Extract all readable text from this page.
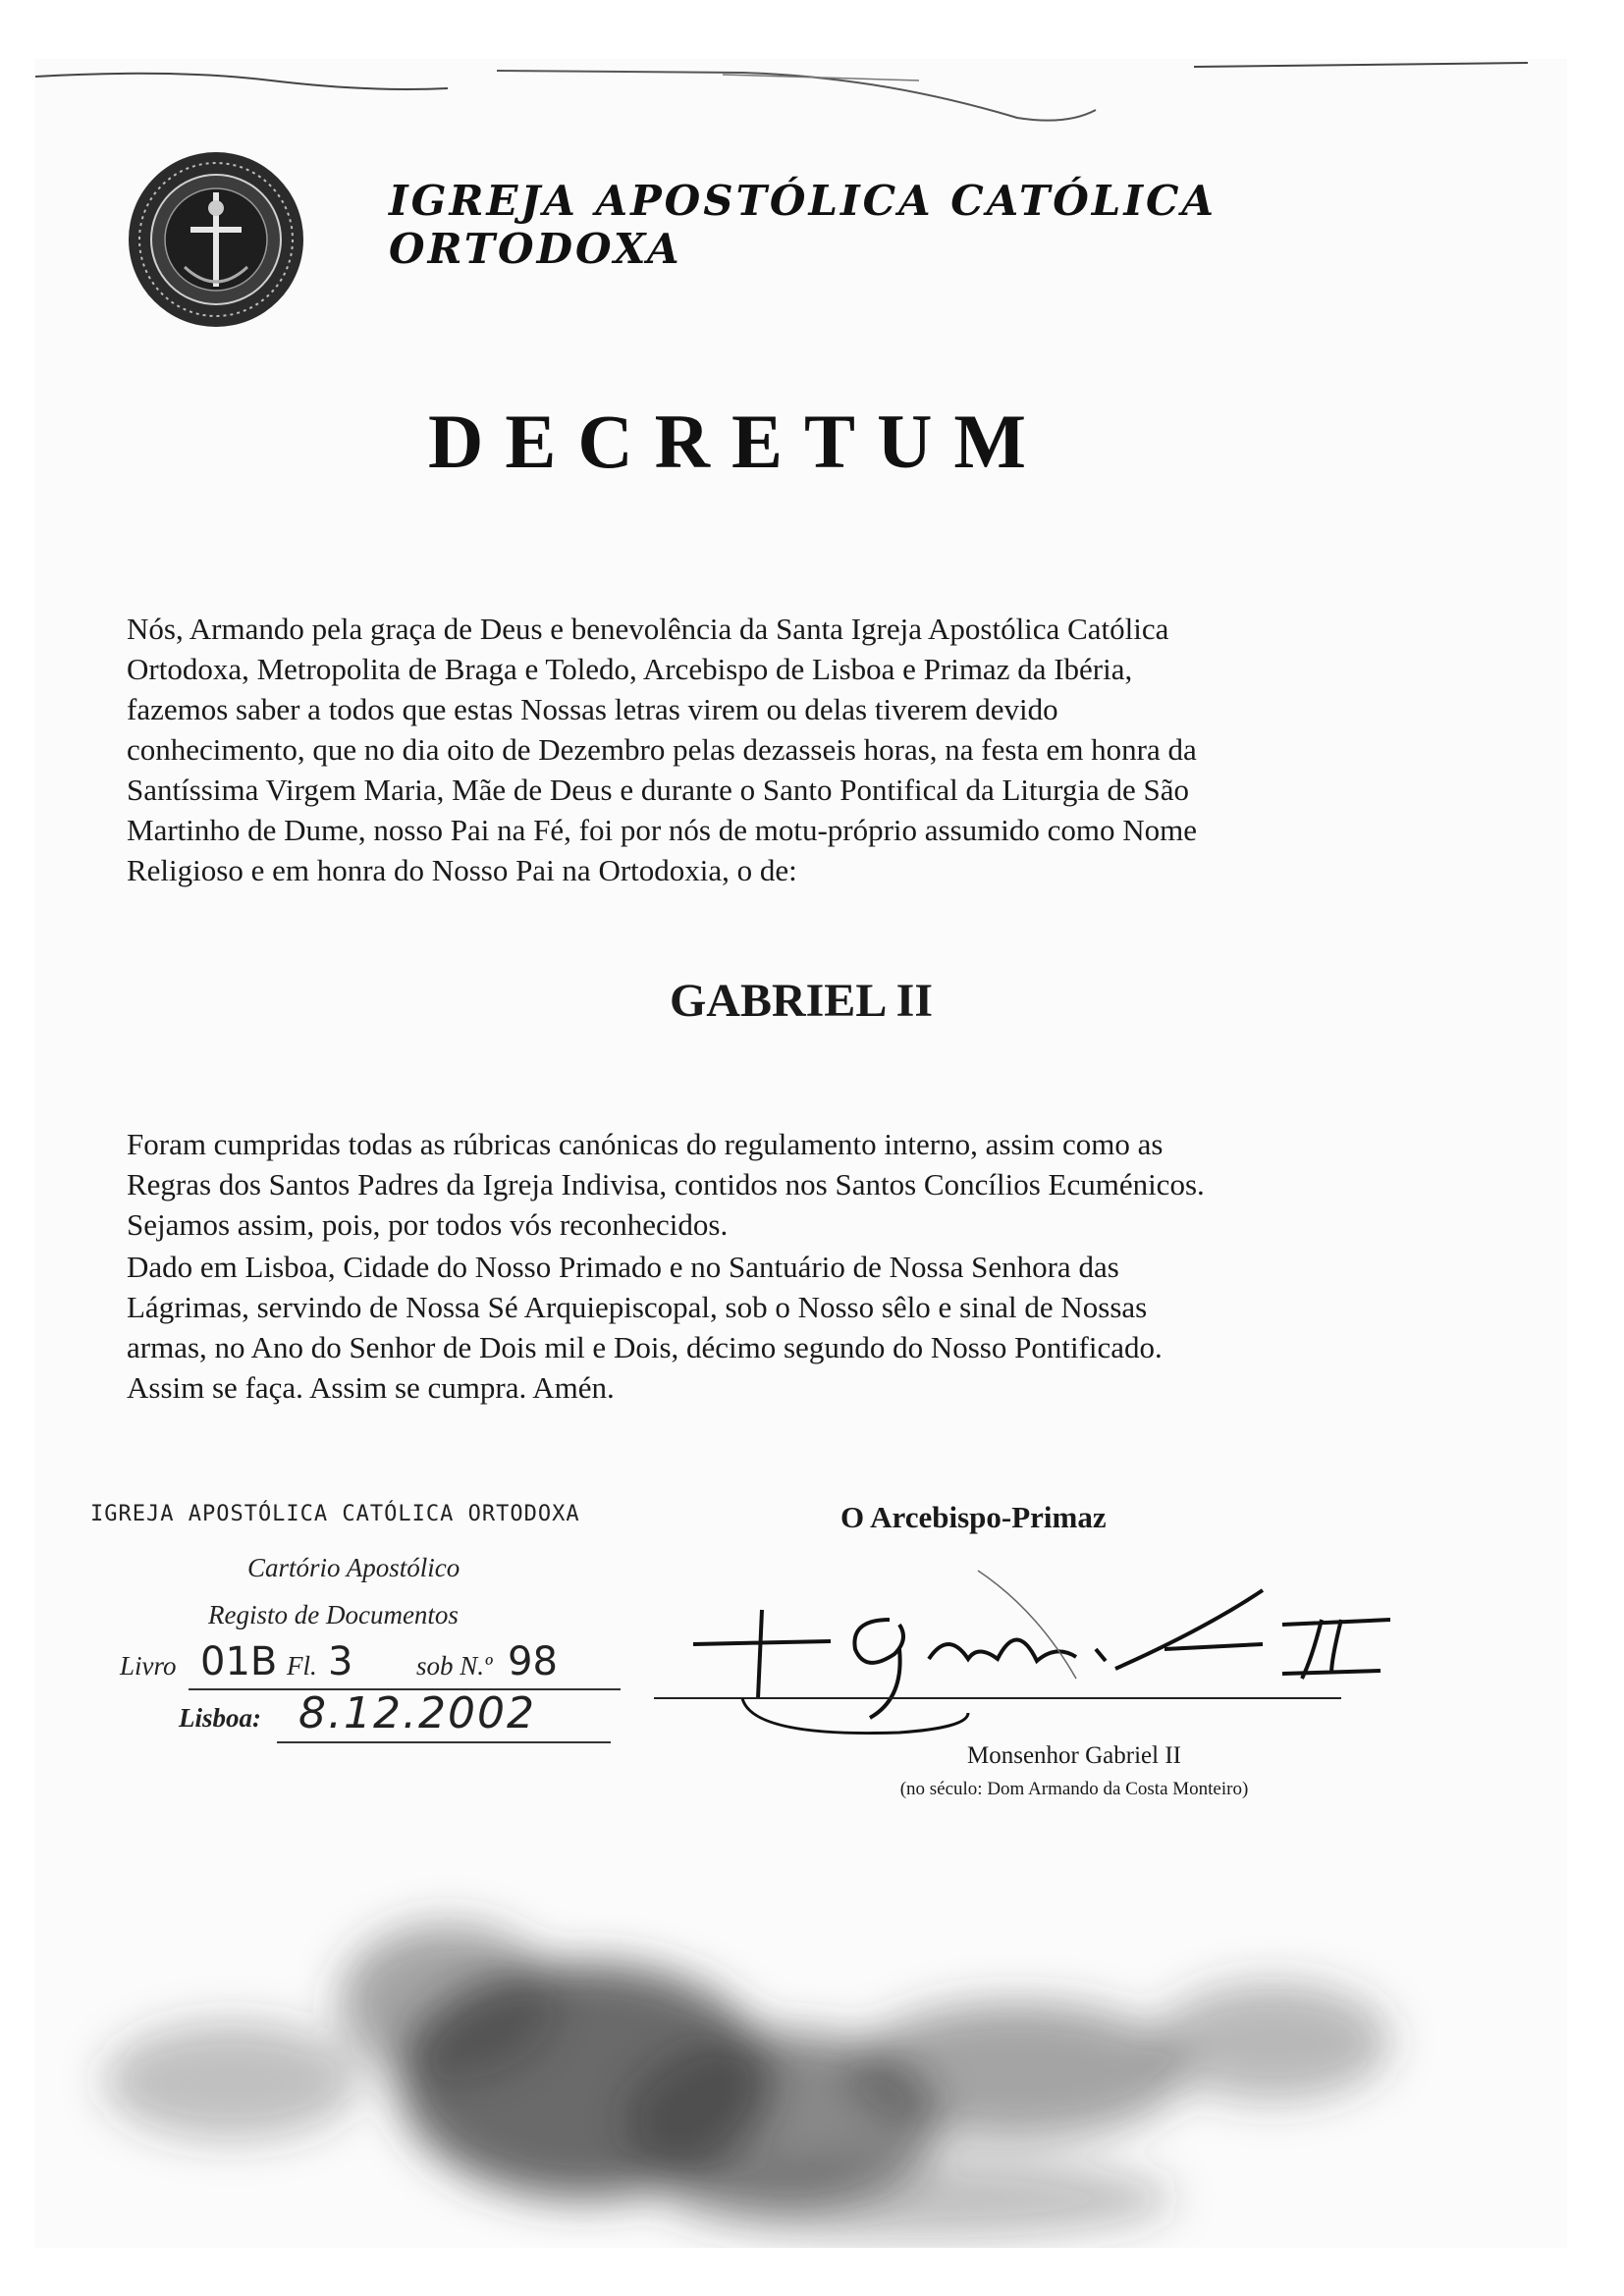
IGREJA APOSTÓLICA CATÓLICA ORTODOXA
DECRETUM

Nós, Armando pela graça de Deus e benevolência da Santa Igreja Apostólica Católica
Ortodoxa, Metropolita de Braga e Toledo, Arcebispo de Lisboa e Primaz da Ibéria,
fazemos saber a todos que estas Nossas letras virem ou delas tiverem devido
conhecimento, que no dia oito de Dezembro pelas dezasseis horas, na festa em honra da
Santíssima Virgem Maria, Mãe de Deus e durante o Santo Pontifical da Liturgia de São
Martinho de Dume, nosso Pai na Fé, foi por nós de motu-próprio assumido como Nome
Religioso e em honra do Nosso Pai na Ortodoxia, o de:

GABRIEL II

Foram cumpridas todas as rúbricas canónicas do regulamento interno, assim como as
Regras dos Santos Padres da Igreja Indivisa, contidos nos Santos Concílios Ecuménicos.
Sejamos assim, pois, por todos vós reconhecidos.

Dado em Lisboa, Cidade do Nosso Primado e no Santuário de Nossa Senhora das
Lágrimas, servindo de Nossa Sé Arquiepiscopal, sob o Nosso sêlo e sinal de Nossas
armas, no Ano do Senhor de Dois mil e Dois, décimo segundo do Nosso Pontificado.
Assim se faça. Assim se cumpra. Amén.

IGREJA APOSTÓLICA CATÓLICA ORTODOXA
Cartório Apostólico
Registo de Documentos
Livro 01B Fl. 3 sob N.º 98
Lisboa: 8.12.2002
O Arcebispo-Primaz
Monsenhor Gabriel II
(no século: Dom Armando da Costa Monteiro)
